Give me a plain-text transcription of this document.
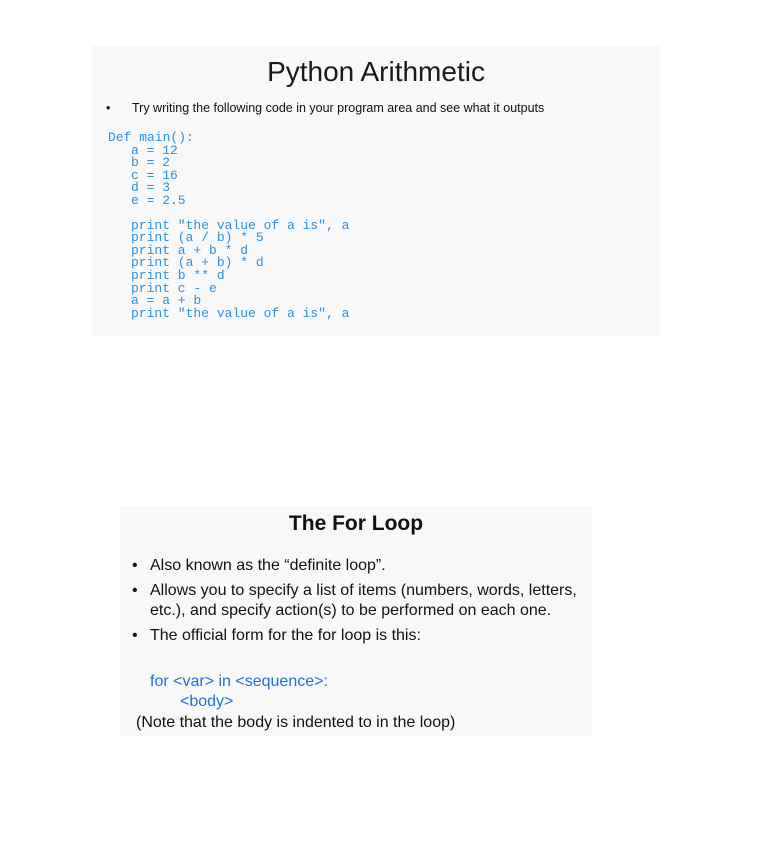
Python Arithmetic
• Try writing the following code in your program area and see what it outputs
Def main():
a = 12
b = 2
c = 16
d = 3
e = 2.5
print "the value of a is", a
print (a / b) * 5
print a + b * d
print (a + b) * d
print b ** d
print c - e
a = a + b
print "the value of a is", a
The For Loop
• Also known as the “definite loop”.
• Allows you to specify a list of items (numbers, words, letters, etc.), and specify action(s) to be performed on each one.
• The official form for the for loop is this:
for <var> in <sequence>:
<body>
(Note that the body is indented to in the loop)
